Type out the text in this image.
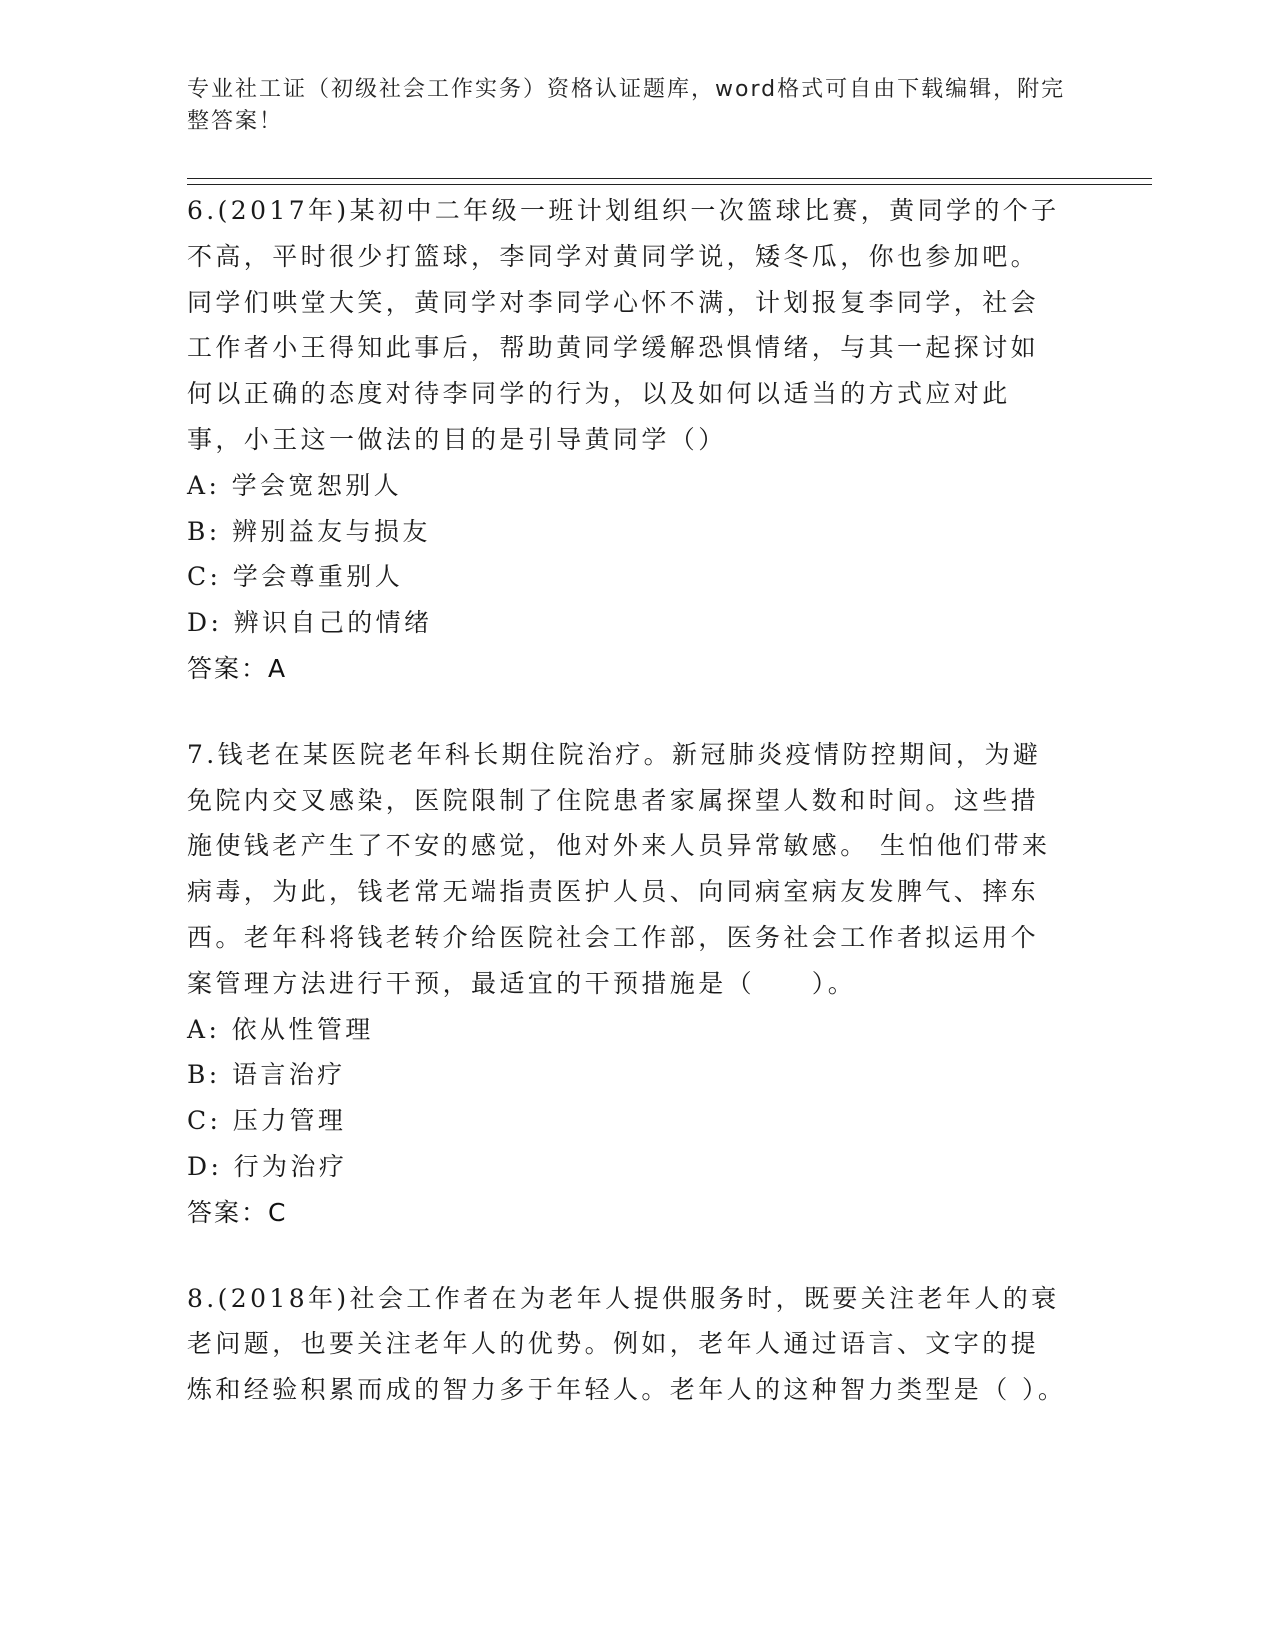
专业社工证（初级社会工作实务）资格认证题库，word格式可自由下载编辑，附完整答案！
6.(2017年)某初中二年级一班计划组织一次篮球比赛，黄同学的个子不高，平时很少打篮球，李同学对黄同学说，矮冬瓜，你也参加吧。同学们哄堂大笑，黄同学对李同学心怀不满，计划报复李同学，社会工作者小王得知此事后，帮助黄同学缓解恐惧情绪，与其一起探讨如何以正确的态度对待李同学的行为，以及如何以适当的方式应对此事，小王这一做法的目的是引导黄同学（）
A: 学会宽恕别人
B: 辨别益友与损友
C: 学会尊重别人
D: 辨识自己的情绪
答案：A
7.钱老在某医院老年科长期住院治疗。新冠肺炎疫情防控期间，为避免院内交叉感染，医院限制了住院患者家属探望人数和时间。这些措施使钱老产生了不安的感觉，他对外来人员异常敏感。 生怕他们带来病毒，为此，钱老常无端指责医护人员、向同病室病友发脾气、摔东西。老年科将钱老转介给医院社会工作部，医务社会工作者拟运用个案管理方法进行干预，最适宜的干预措施是（　　）。
A: 依从性管理
B: 语言治疗
C: 压力管理
D: 行为治疗
答案：C
8.(2018年)社会工作者在为老年人提供服务时，既要关注老年人的衰老问题，也要关注老年人的优势。例如，老年人通过语言、文字的提炼和经验积累而成的智力多于年轻人。老年人的这种智力类型是（ ）。
